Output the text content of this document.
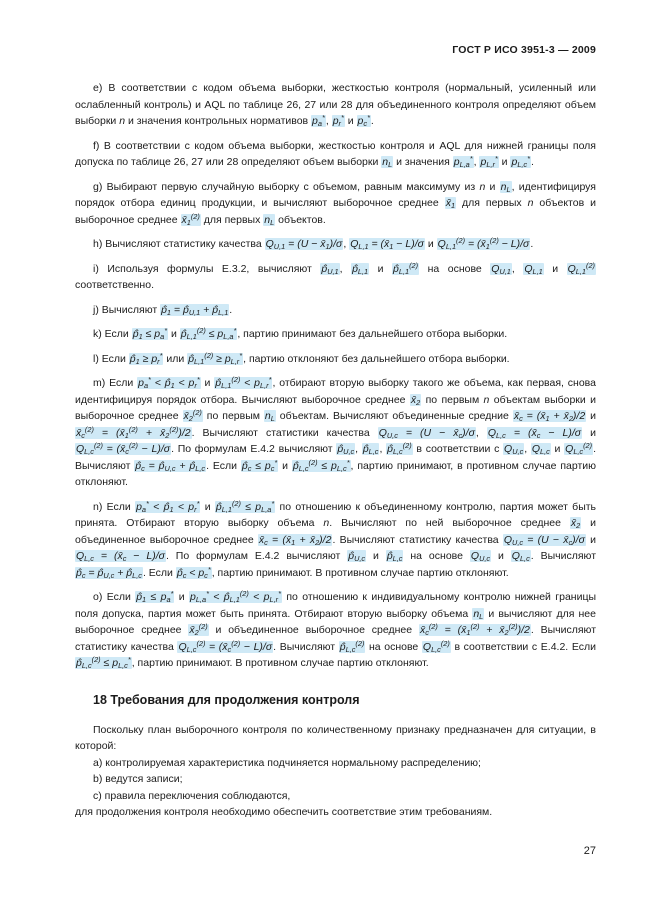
ГОСТ Р ИСО 3951-3 — 2009

e) В соответствии с кодом объема выборки, жесткостью контроля (нормальный, усиленный или ослабленный контроль) и AQL по таблице 26, 27 или 28 для объединенного контроля определяют объем выборки n и значения контрольных нормативов $p_a^*$, $p_r^*$ и $p_c^*$.

f) В соответствии с кодом объема выборки, жесткостью контроля и AQL для нижней границы поля допуска по таблице 26, 27 или 28 определяют объем выборки $n_L$ и значения $p_{L,a}^*$, $p_{L,r}^*$ и $p_{L,c}^*$.

g) Выбирают первую случайную выборку с объемом, равным максимуму из n и $n_L$, идентифицируя порядок отбора единиц продукции, и вычисляют выборочное среднее $x̄_1$ для первых n объектов и выборочное среднее $x̄_1^{(2)}$ для первых $n_L$ объектов.

h) Вычисляют статистику качества $Q_{U,1} = (U$ − $x̄_1)/\sigma$, $Q_{L,1}$ = $(x̄_1 - L)/\sigma$ и $Q_{L,1}^{(2)}$ = $(x̄_1^{(2)} - L)/\sigma$.

i) Используя формулы Е.3.2, вычисляют $p̂_{U,1}$, $p̂_{L,1}$ и $p̂_{L,1}^{(2)}$ на основе $Q_{U,1}$, $Q_{L,1}$ и $Q_{L,1}^{(2)}$ соответственно.

j) Вычисляют $p̂_1$ = $p̂_{U,1}$ + $p̂_{L,1}$.

k) Если $p̂_1 \le p_a^*$ и $p̂_{L,1}^{(2)} \le p_{L,a}^*$, партию принимают без дальнейшего отбора выборки.

l) Если $p̂_1 \ge p_r^*$ или $p̂_{L,1}^{(2)} \ge p_{L,r}^*$, партию отклоняют без дальнейшего отбора выборки.

m) Если $p_a^*$ < $p̂_1 < p_r^*$ и $p̂_{L,1}^{(2)} < p_{L,r}^*$, отбирают вторую выборку такого же объема, как первая, снова идентифицируя порядок отбора. Вычисляют выборочное среднее $x̄_2$ по первым n объектам выборки и выборочное среднее $x̄_2^{(2)}$ по первым $n_L$ объектам. Вычисляют объединенные средние $x̄_c$ = ($x̄_1$ + $x̄_2)/2$ и $x̄_c^{(2)}$ = ($x̄_1^{(2)}$ + $x̄_2^{(2)})/2$. Вычисляют статистики качества $Q_{U,c} = (U$ − $x̄_c)/\sigma$, $Q_{L,c}$ = $(x̄_c - L)/\sigma$ и $Q_{L,c}^{(2)}$ = $(x̄_c^{(2)} - L)/\sigma$. По формулам Е.4.2 вычисляют $p̂_{U,c}$, $p̂_{L,c}$, $p̂_{L,c}^{(2)}$ в соответствии с $Q_{U,c}$, $Q_{L,c}$ и $Q_{L,c}^{(2)}$. Вычисляют $p̂_c$ = $p̂_{U,c}$ + $p̂_{L,c}$. Если $p̂_c \le p_c^*$ и $p̂_{L,c}^{(2)} \le p_{L,c}^*$, партию принимают, в противном случае партию отклоняют.

n) Если $p_a^*$ < $p̂_1 < p_r^*$ и $p̂_{L,1}^{(2)} \le p_{L,a}^*$ по отношению к объединенному контролю, партия может быть принята. Отбирают вторую выборку объема n. Вычисляют по ней выборочное среднее $x̄_2$ и объединенное выборочное среднее $x̄_c$ = ($x̄_1$ + $x̄_2)/2$. Вычисляют статистику качества $Q_{U,c} = (U$ − $x̄_c)/\sigma$ и $Q_{L,c}$ = $(x̄_c - L)/\sigma$. По формулам Е.4.2 вычисляют $p̂_{U,c}$ и $p̂_{L,c}$ на основе $Q_{U,c}$ и $Q_{L,c}$. Вычисляют $p̂_c$ = $p̂_{U,c}$ + $p̂_{L,c}$. Если $p̂_c < p_c^*$, партию принимают. В противном случае партию отклоняют.

o) Если $p̂_1 \le p_a^*$ и $p_{L,a}^*$ < $p̂_{L,1}^{(2)} < p_{L,r}^*$ по отношению к индивидуальному контролю нижней границы поля допуска, партия может быть принята. Отбирают вторую выборку объема $n_L$ и вычисляют для нее выборочное среднее $x̄_2^{(2)}$ и объединенное выборочное среднее $x̄_c^{(2)}$ = ($x̄_1^{(2)}$ + $x̄_2^{(2)})/2$. Вычисляют статистику качества $Q_{L,c}^{(2)}$ = $(x̄_c^{(2)} - L)/\sigma$. Вычисляют $p̂_{L,c}^{(2)}$ на основе $Q_{L,c}^{(2)}$ в соответствии с Е.4.2. Если $p̂_{L,c}^{(2)} \le p_{L,c}^*$, партию принимают. В противном случае партию отклоняют.

18 Требования для продолжения контроля

Поскольку план выборочного контроля по количественному признаку предназначен для ситуации, в которой:

a) контролируемая характеристика подчиняется нормальному распределению;

b) ведутся записи;

c) правила переключения соблюдаются,

для продолжения контроля необходимо обеспечить соответствие этим требованиям.

27
